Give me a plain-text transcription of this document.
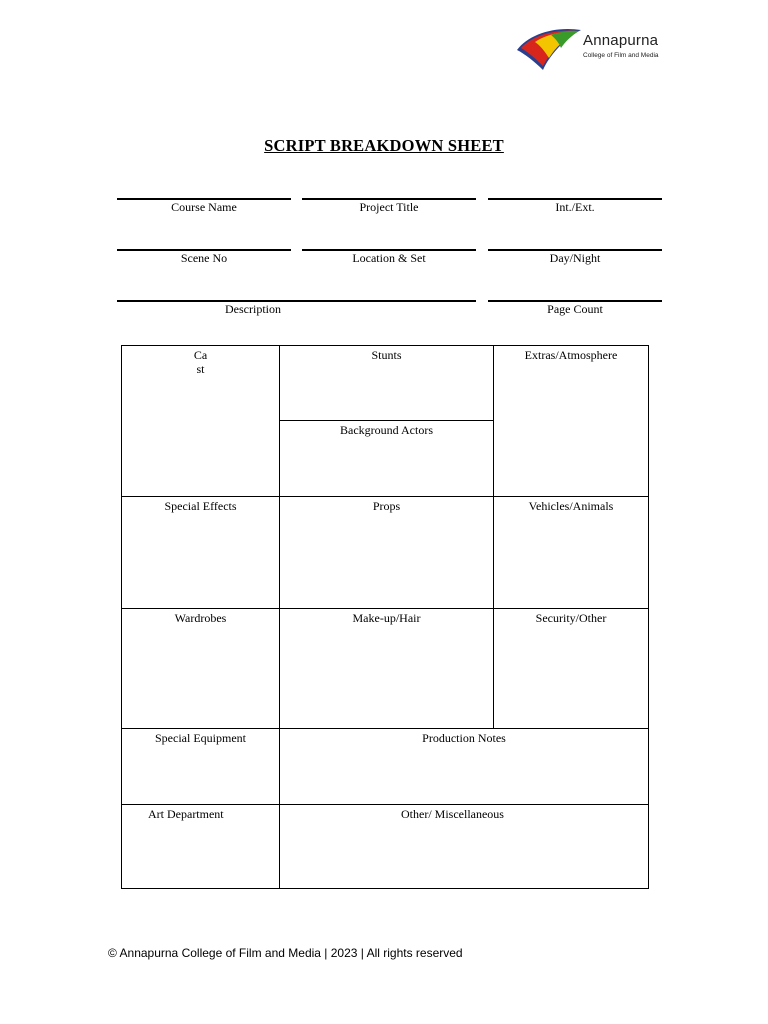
Annapurna
College of Film and Media
SCRIPT BREAKDOWN SHEET
Course Name	Project Title	Int./Ext.
Scene No	Location & Set	Day/Night
Description	Page Count
Cast	Stunts	Extras/Atmosphere

	Background Actors	

Special Effects	Props	Vehicles/Animals

Wardrobes	Make-up/Hair	Security/Other

Special Equipment	Production Notes	

Art Department	Other/ Miscellaneous	
© Annapurna College of Film and Media | 2023 | All rights reserved
